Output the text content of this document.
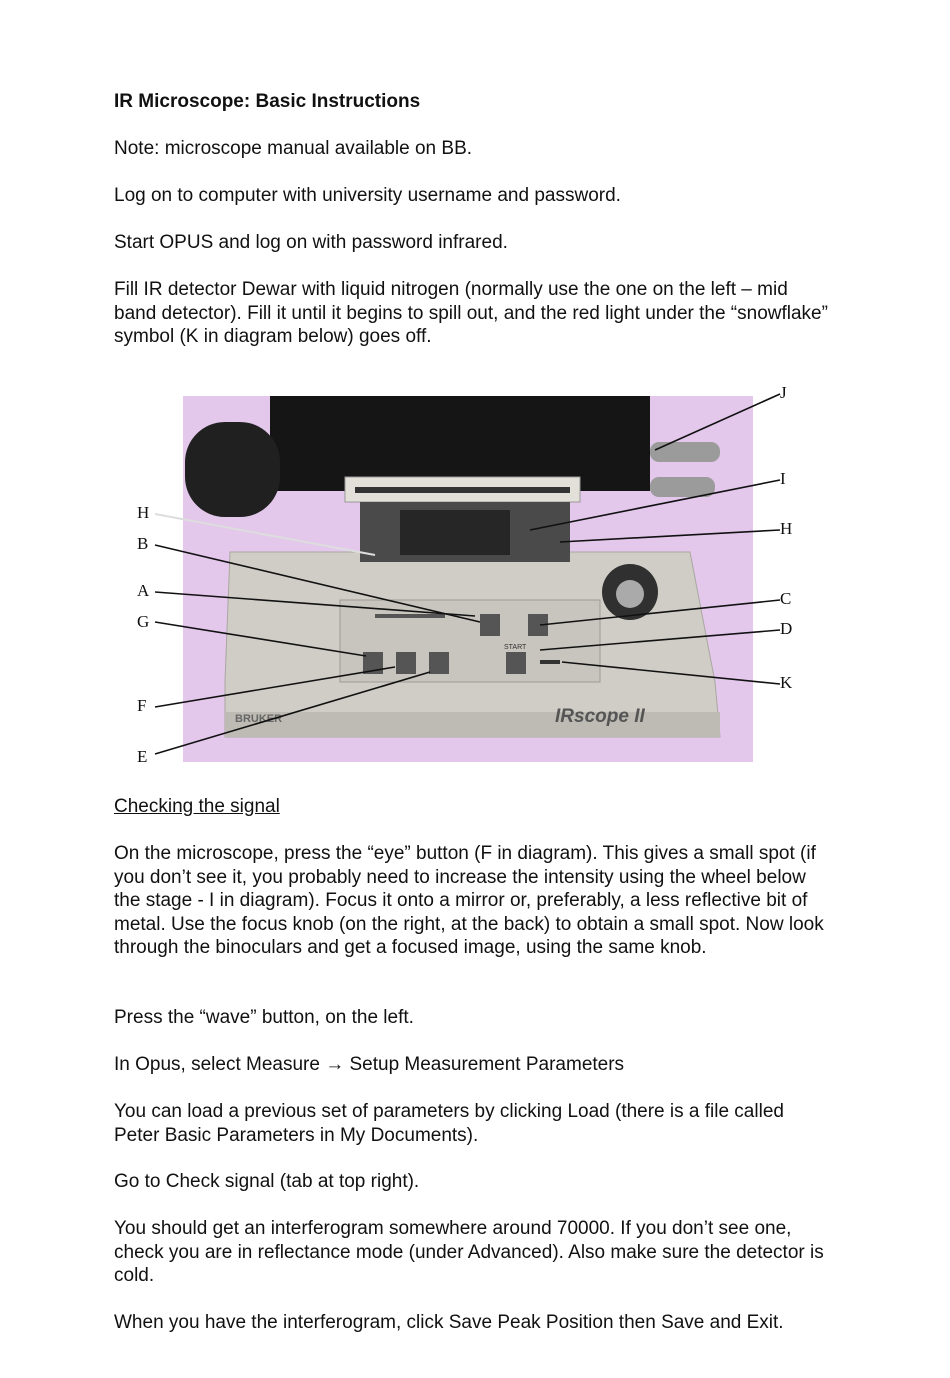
IR Microscope: Basic Instructions

Note: microscope manual available on BB.

Log on to computer with university username and password.

Start OPUS and log on with password infrared.

Fill IR detector Dewar with liquid nitrogen (normally use the one on the left – mid band detector). Fill it until it begins to spill out, and the red light under the “snowflake” symbol (K in diagram below) goes off.

START
BRUKER	IRscope II
H
B
A
G
F
E
J
I
H
C
D
K

Checking the signal

On the microscope, press the “eye” button (F in diagram). This gives a small spot (if you don’t see it, you probably need to increase the intensity using the wheel below the stage - I in diagram). Focus it onto a mirror or, preferably, a less reflective bit of metal. Use the focus knob (on the right, at the back) to obtain a small spot. Now look through the binoculars and get a focused image, using the same knob.

Press the “wave” button, on the left.

In Opus, select Measure → Setup Measurement Parameters

You can load a previous set of parameters by clicking Load (there is a file called Peter Basic Parameters in My Documents).

Go to Check signal (tab at top right).

You should get an interferogram somewhere around 70000. If you don’t see one, check you are in reflectance mode (under Advanced). Also make sure the detector is cold.

When you have the interferogram, click Save Peak Position then Save and Exit.
